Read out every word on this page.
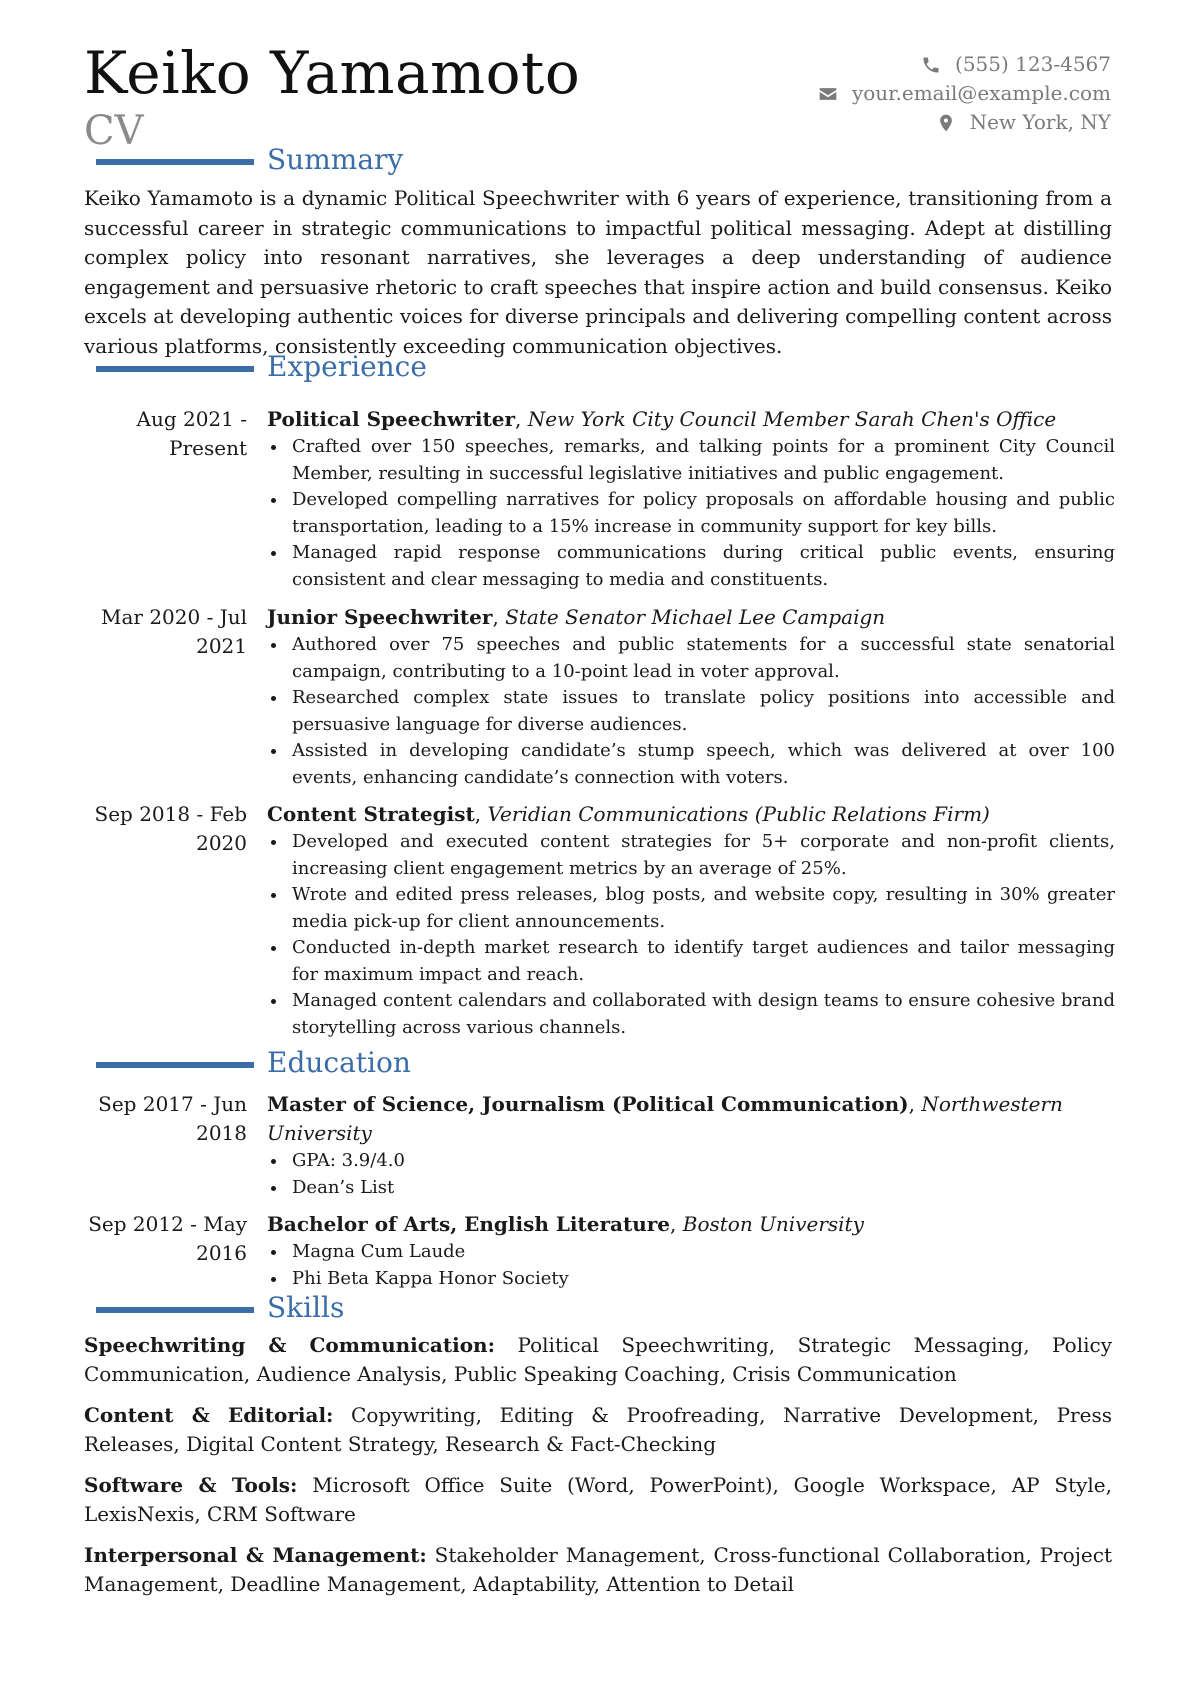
Keiko Yamamoto
CV
(555) 123-4567
your.email@example.com
New York, NY
Summary
Keiko Yamamoto is a dynamic Political Speechwriter with 6 years of experience, transitioning from a successful career in strategic communications to impactful political messaging. Adept at distilling complex policy into resonant narratives, she leverages a deep understanding of audience engagement and persuasive rhetoric to craft speeches that inspire action and build consensus. Keiko excels at developing authentic voices for diverse principals and delivering compelling content across various platforms, consistently exceeding communication objectives.
Experience
Aug 2021 - Present
Political Speechwriter, New York City Council Member Sarah Chen's Office
Crafted over 150 speeches, remarks, and talking points for a prominent City Council Member, resulting in successful legislative initiatives and public engagement.
Developed compelling narratives for policy proposals on affordable housing and public transportation, leading to a 15% increase in community support for key bills.
Managed rapid response communications during critical public events, ensuring consistent and clear messaging to media and constituents.
Mar 2020 - Jul 2021
Junior Speechwriter, State Senator Michael Lee Campaign
Authored over 75 speeches and public statements for a successful state senatorial campaign, contributing to a 10-point lead in voter approval.
Researched complex state issues to translate policy positions into accessible and persuasive language for diverse audiences.
Assisted in developing candidate’s stump speech, which was delivered at over 100 events, enhancing candidate’s connection with voters.
Sep 2018 - Feb 2020
Content Strategist, Veridian Communications (Public Relations Firm)
Developed and executed content strategies for 5+ corporate and non-profit clients, increasing client engagement metrics by an average of 25%.
Wrote and edited press releases, blog posts, and website copy, resulting in 30% greater media pick-up for client announcements.
Conducted in-depth market research to identify target audiences and tailor messaging for maximum impact and reach.
Managed content calendars and collaborated with design teams to ensure cohesive brand storytelling across various channels.
Education
Sep 2017 - Jun 2018
Master of Science, Journalism (Political Communication), Northwestern University
GPA: 3.9/4.0
Dean’s List
Sep 2012 - May 2016
Bachelor of Arts, English Literature, Boston University
Magna Cum Laude
Phi Beta Kappa Honor Society
Skills
Speechwriting & Communication: Political Speechwriting, Strategic Messaging, Policy Communication, Audience Analysis, Public Speaking Coaching, Crisis Communication
Content & Editorial: Copywriting, Editing & Proofreading, Narrative Development, Press Releases, Digital Content Strategy, Research & Fact-Checking
Software & Tools: Microsoft Office Suite (Word, PowerPoint), Google Workspace, AP Style, LexisNexis, CRM Software
Interpersonal & Management: Stakeholder Management, Cross-functional Collaboration, Project Management, Deadline Management, Adaptability, Attention to Detail
